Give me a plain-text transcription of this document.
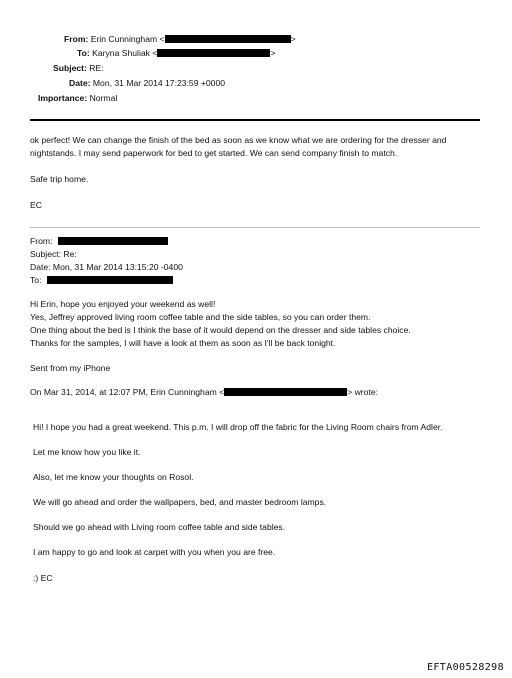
From: Erin Cunningham <	>
To: Karyna Shuliak <	>
Subject: RE:
Date: Mon, 31 Mar 2014 17:23:59 +0000
Importance: Normal
ok perfect! We can change the finish of the bed as soon as we know what we are ordering for the dresser and
nightstands. I may send paperwork for bed to get started. We can send company finish to match.
Safe trip home.
EC
From:
Subject: Re:
Date: Mon, 31 Mar 2014 13:15:20 -0400
To:
Hi Erin, hope you enjoyed your weekend as well!
Yes, Jeffrey approved living room coffee table and the side tables, so you can order them.
One thing about the bed is I think the base of it would depend on the dresser and side tables choice.
Thanks for the samples, I will have a look at them as soon as I'll be back tonight.
Sent from my iPhone
On Mar 31, 2014, at 12:07 PM, Erin Cunningham <	> wrote:
Hi! I hope you had a great weekend. This p.m. I will drop off the fabric for the Living Room chairs from Adler.
Let me know how you like it.
Also, let me know your thoughts on Rosol.
We will go ahead and order the wallpapers, bed, and master bedroom lamps.
Should we go ahead with Living room coffee table and side tables.
I am happy to go and look at carpet with you when you are free.
:) EC
EFTA00528298
